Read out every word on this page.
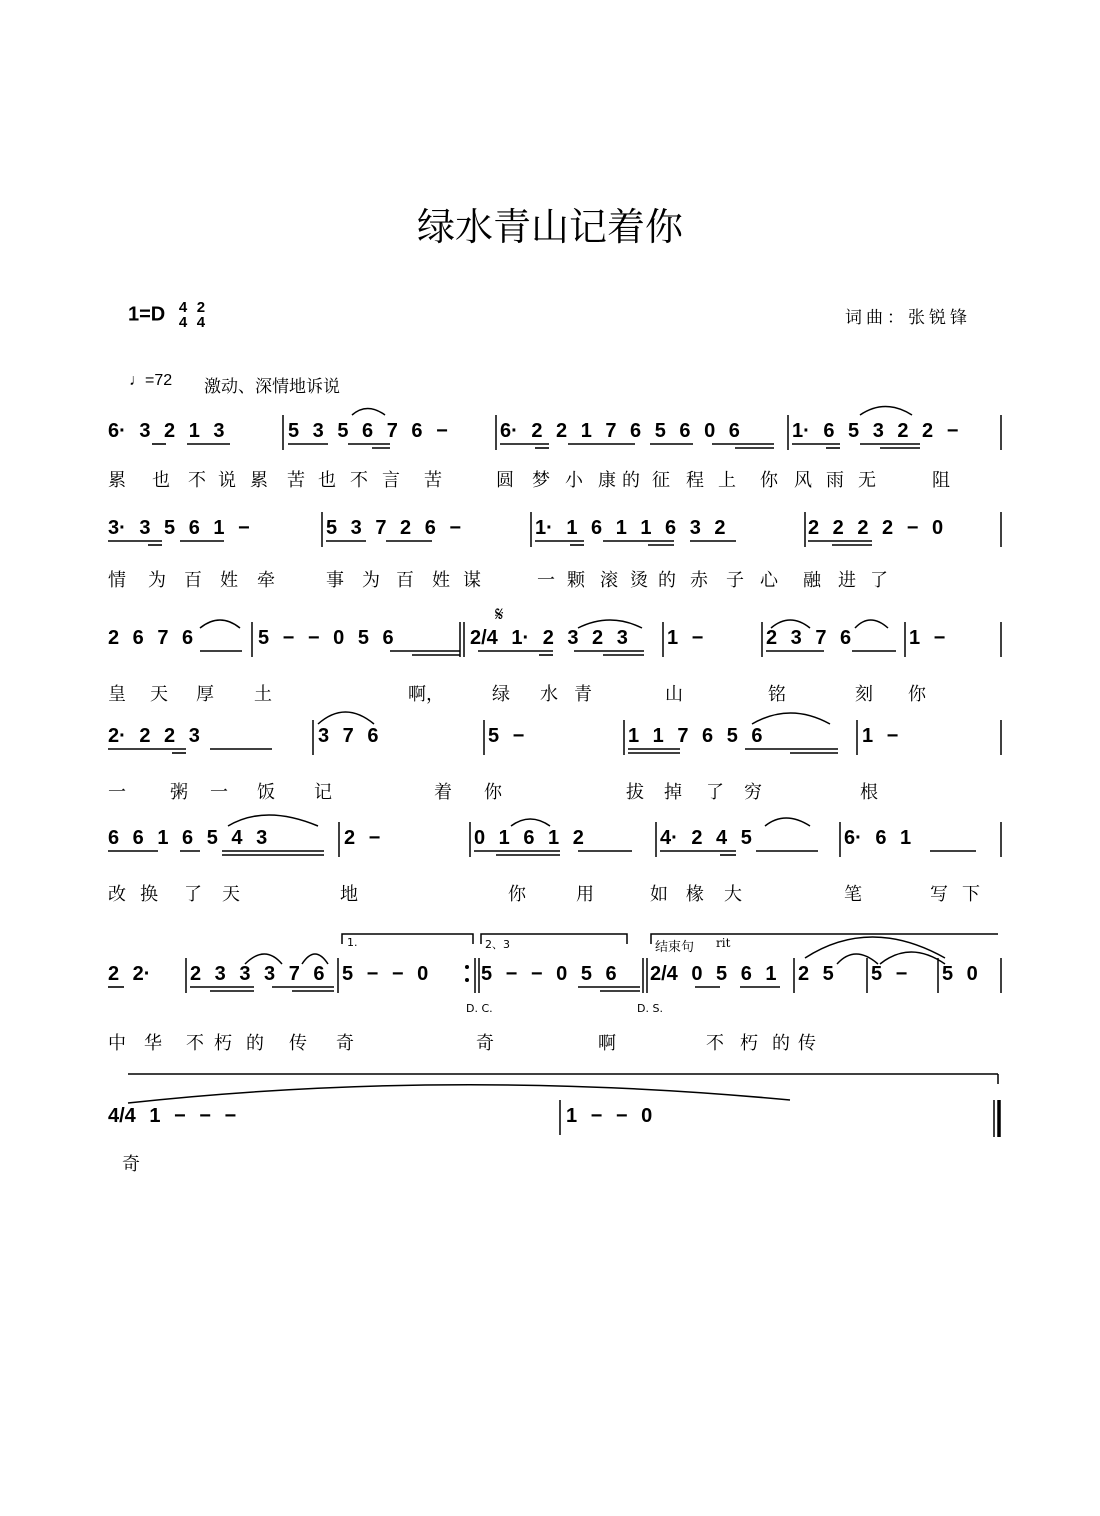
绿水青山记着你
1=D 4
4

2
4	词曲：张锐锋
♩=72 激动、深情地诉说
6· 3 2 1 3	5 3 5 6 7 6 −	6· 2 2 1 7 6 5 6 0 6	1· 6 5 3 2 2 −
累 也 不 说 累 苦 也 不 言 苦	圆 梦 小 康 的 征 程 上 你 风 雨 无	阻
3· 3 5 6 1 −	5 3 7 2 6 −	1· 1 6 1 1 6 3 2	2 2 2 2 − 0
情 为 百 姓 牵	事 为 百 姓 谋	一 颗 滚 烫 的 赤 子 心 融 进 了
2 6 7 6	5 − − 0 5 6	2/4 1· 2 3 2 3 1 −	2 3 7 6	1 −
皇 天 厚 土	啊，	绿 水 青	山	铭	刻 你
2· 2 2 3	3 7 6	5 −	1 1 7 6 5 6	1 −
一 粥 一 饭 记	着 你	拔 掉 了 穷	根
6 6 1 6 5 4 3	2 −	0 1 6 1 2	4· 2 4 5	6· 6 1
改 换 了 天	地	你	用	如 椽 大	笔	写 下
2 2· 2 3 3 3 7 6 5 − − 0	5 − − 0 5 6 2/4 0 5 6 1 2 5 5 − 5 0
中 华 不 朽 的 传 奇	奇	啊	不 朽 的 传
4/4 1 − − −	1 − − 0
奇
1.	2、3	结束句 rit
D. C.	D. S.
𝄋
